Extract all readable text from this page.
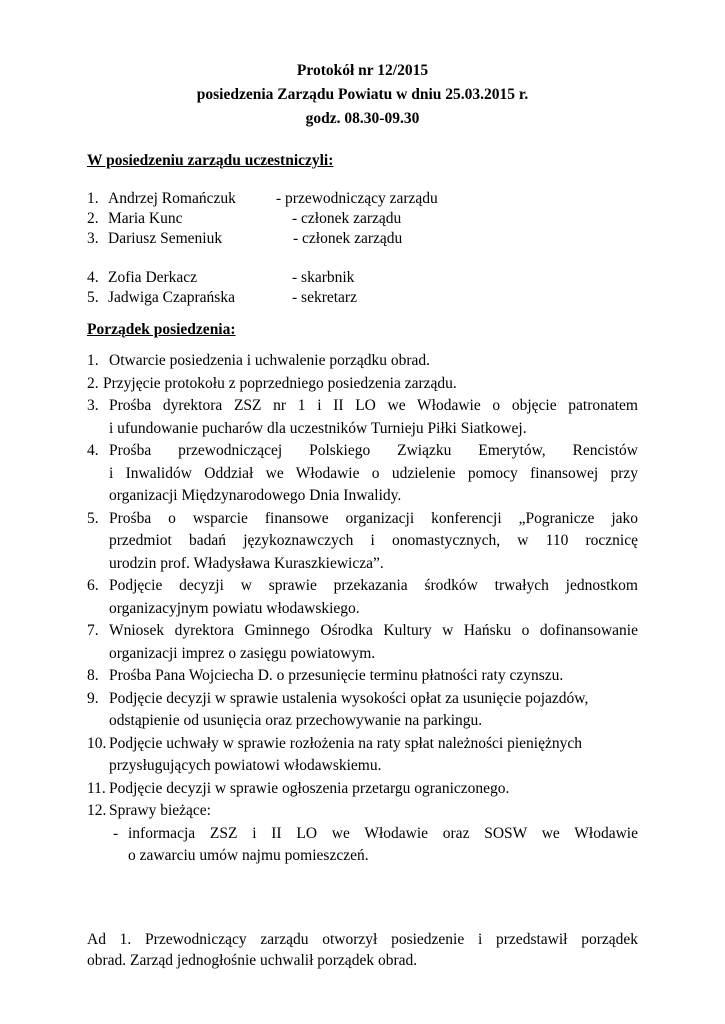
Protokół nr 12/2015
posiedzenia Zarządu Powiatu w dniu 25.03.2015 r.
godz. 08.30-09.30
W posiedzeniu zarządu uczestniczyli:
1. Andrzej Romańczuk	- przewodniczący zarządu
2. Maria Kunc	- członek zarządu
3. Dariusz Semeniuk	- członek zarządu
4. Zofia Derkacz	- skarbnik
5. Jadwiga Czaprańska	- sekretarz
Porządek posiedzenia:
1. Otwarcie posiedzenia i uchwalenie porządku obrad.
2. Przyjęcie protokołu z poprzedniego posiedzenia zarządu.
3. Prośba dyrektora ZSZ nr 1 i II LO we Włodawie o objęcie patronatem
i ufundowanie pucharów dla uczestników Turnieju Piłki Siatkowej.
4. Prośba przewodniczącej Polskiego Związku Emerytów, Rencistów
i Inwalidów Oddział we Włodawie o udzielenie pomocy finansowej przy
organizacji Międzynarodowego Dnia Inwalidy.
5. Prośba o wsparcie finansowe organizacji konferencji „Pogranicze jako
przedmiot badań językoznawczych i onomastycznych, w 110 rocznicę
urodzin prof. Władysława Kuraszkiewicza”.
6. Podjęcie decyzji w sprawie przekazania środków trwałych jednostkom
organizacyjnym powiatu włodawskiego.
7. Wniosek dyrektora Gminnego Ośrodka Kultury w Hańsku o dofinansowanie
organizacji imprez o zasięgu powiatowym.
8. Prośba Pana Wojciecha D. o przesunięcie terminu płatności raty czynszu.
9. Podjęcie decyzji w sprawie ustalenia wysokości opłat za usunięcie pojazdów,
odstąpienie od usunięcia oraz przechowywanie na parkingu.
10. Podjęcie uchwały w sprawie rozłożenia na raty spłat należności pieniężnych
przysługujących powiatowi włodawskiemu.
11. Podjęcie decyzji w sprawie ogłoszenia przetargu ograniczonego.
12. Sprawy bieżące:
- informacja ZSZ i II LO we Włodawie oraz SOSW we Włodawie
o zawarciu umów najmu pomieszczeń.
Ad 1. Przewodniczący zarządu otworzył posiedzenie i przedstawił porządek
obrad. Zarząd jednogłośnie uchwalił porządek obrad.
